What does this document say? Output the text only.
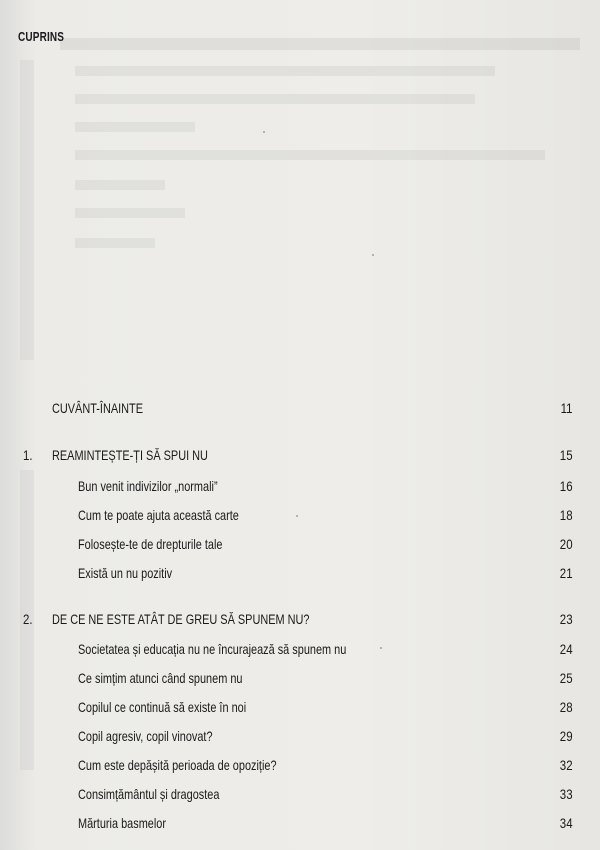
CUPRINS
CUVÂNT-ÎNAINTE	11
1. REAMINTEȘTE-ȚI SĂ SPUI NU	15
Bun venit indivizilor „normali”	16
Cum te poate ajuta această carte	18
Folosește-te de drepturile tale	20
Există un nu pozitiv	21
2. DE CE NE ESTE ATÂT DE GREU SĂ SPUNEM NU?	23
Societatea și educația nu ne încurajează să spunem nu	24
Ce simțim atunci când spunem nu	25
Copilul ce continuă să existe în noi	28
Copil agresiv, copil vinovat?	29
Cum este depășită perioada de opoziție?	32
Consimțământul și dragostea	33
Mărturia basmelor	34
